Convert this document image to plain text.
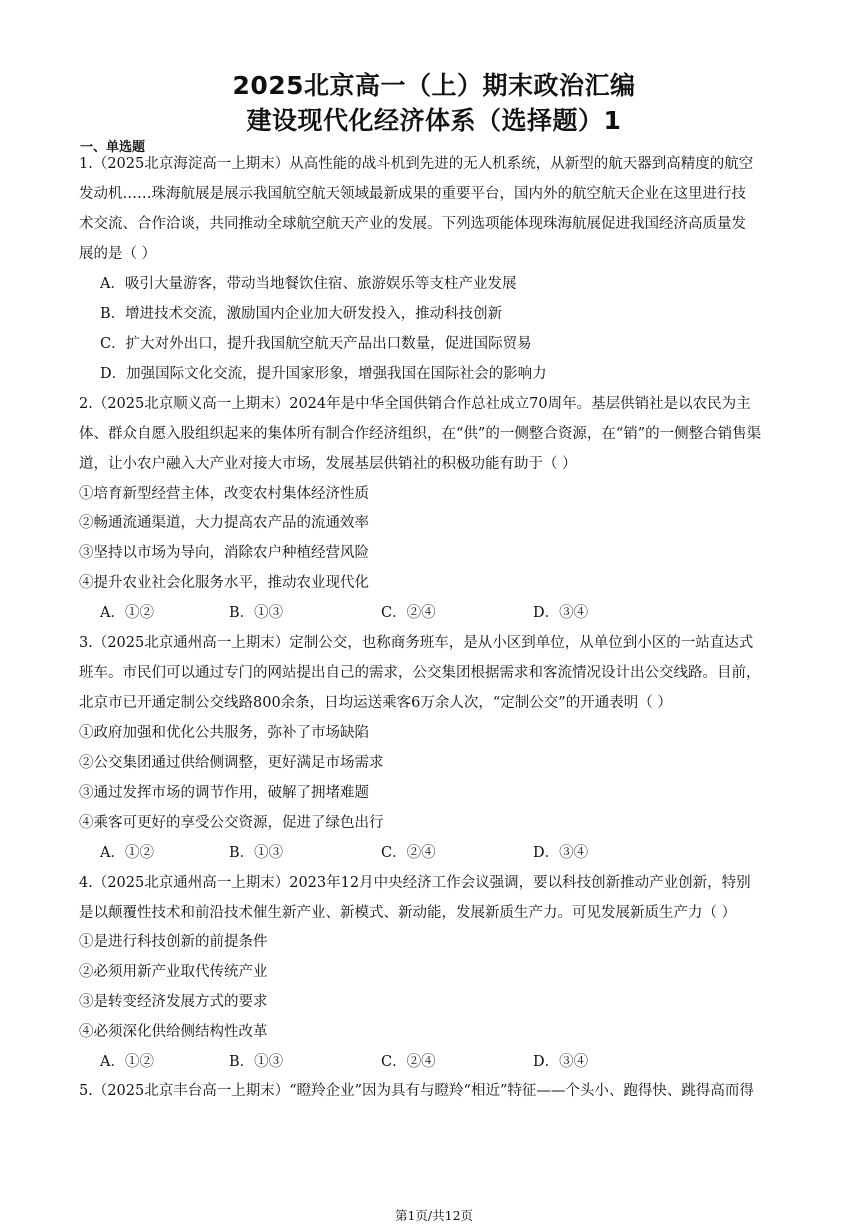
2025北京高一（上）期末政治汇编
建设现代化经济体系（选择题）1
一、单选题
1.（2025北京海淀高一上期末）从高性能的战斗机到先进的无人机系统，从新型的航天器到高精度的航空
发动机……珠海航展是展示我国航空航天领域最新成果的重要平台，国内外的航空航天企业在这里进行技
术交流、合作洽谈，共同推动全球航空航天产业的发展。下列选项能体现珠海航展促进我国经济高质量发
展的是（ ）
A．吸引大量游客，带动当地餐饮住宿、旅游娱乐等支柱产业发展
B．增进技术交流，激励国内企业加大研发投入，推动科技创新
C．扩大对外出口，提升我国航空航天产品出口数量，促进国际贸易
D．加强国际文化交流，提升国家形象，增强我国在国际社会的影响力
2.（2025北京顺义高一上期末）2024年是中华全国供销合作总社成立70周年。基层供销社是以农民为主
体、群众自愿入股组织起来的集体所有制合作经济组织，在“供”的一侧整合资源，在“销”的一侧整合销售渠
道，让小农户融入大产业对接大市场，发展基层供销社的积极功能有助于（ ）
①培育新型经营主体，改变农村集体经济性质
②畅通流通渠道，大力提高农产品的流通效率
③坚持以市场为导向，消除农户种植经营风险
④提升农业社会化服务水平，推动农业现代化
A．①②	B．①③	C．②④	D．③④
3.（2025北京通州高一上期末）定制公交，也称商务班车，是从小区到单位，从单位到小区的一站直达式
班车。市民们可以通过专门的网站提出自己的需求，公交集团根据需求和客流情况设计出公交线路。目前，
北京市已开通定制公交线路800余条，日均运送乘客6万余人次，“定制公交”的开通表明（ ）
①政府加强和优化公共服务，弥补了市场缺陷
②公交集团通过供给侧调整，更好满足市场需求
③通过发挥市场的调节作用，破解了拥堵难题
④乘客可更好的享受公交资源，促进了绿色出行
A．①②	B．①③	C．②④	D．③④
4.（2025北京通州高一上期末）2023年12月中央经济工作会议强调，要以科技创新推动产业创新，特别
是以颠覆性技术和前沿技术催生新产业、新模式、新动能，发展新质生产力。可见发展新质生产力（ ）
①是进行科技创新的前提条件
②必须用新产业取代传统产业
③是转变经济发展方式的要求
④必须深化供给侧结构性改革
A．①②	B．①③	C．②④	D．③④
5.（2025北京丰台高一上期末）“瞪羚企业”因为具有与瞪羚“相近”特征——个头小、跑得快、跳得高而得
第1页/共12页
